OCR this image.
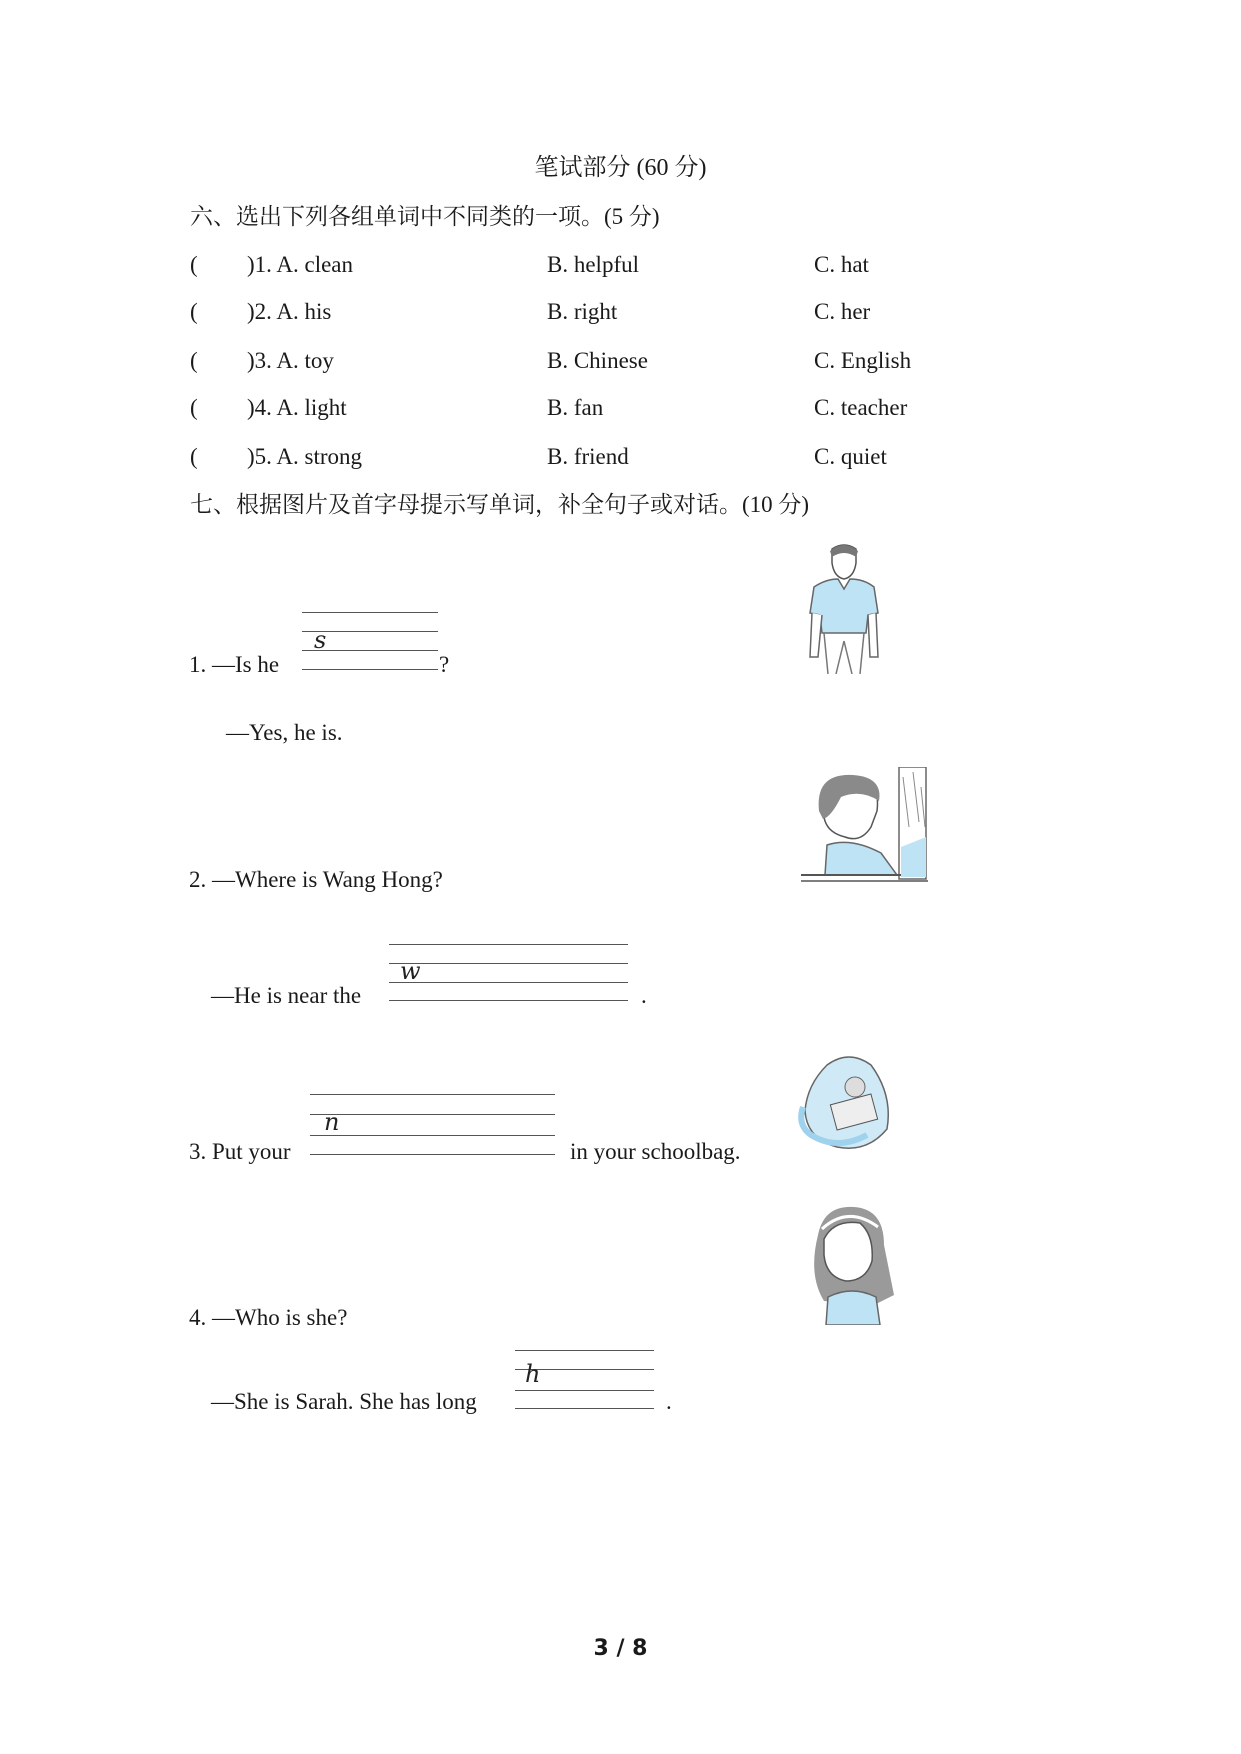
笔试部分 (60 分)
六、选出下列各组单词中不同类的一项。(5 分)
( )1. A. clean	B. helpful	C. hat
( )2. A. his	B. right	C. her
( )3. A. toy	B. Chinese	C. English
( )4. A. light	B. fan	C. teacher
( )5. A. strong	B. friend	C. quiet
七、根据图片及首字母提示写单词，补全句子或对话。(10 分)
1. —Is he
s
?
—Yes, he is.
2. —Where is Wang Hong?
—He is near the
w
.
3. Put your
n
in your schoolbag.
4. —Who is she?
—She is Sarah. She has long
h
.
3 / 8
